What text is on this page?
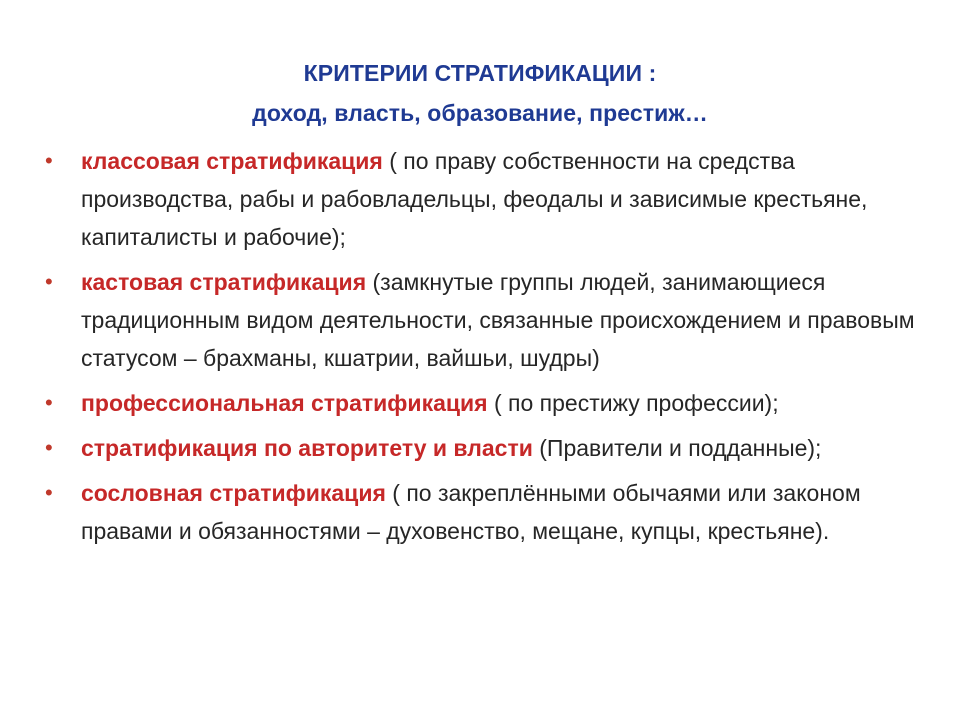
КРИТЕРИИ СТРАТИФИКАЦИИ :
доход, власть, образование, престиж…
• классовая стратификация ( по праву собственности на средства производства, рабы и рабовладельцы, феодалы и зависимые крестьяне, капиталисты и рабочие);
• кастовая стратификация (замкнутые группы людей, занимающиеся традиционным видом деятельности, связанные происхождением и правовым статусом – брахманы, кшатрии, вайшьи, шудры)
• профессиональная стратификация ( по престижу профессии);
• стратификация по авторитету и власти (Правители и подданные);
• сословная стратификация ( по закреплёнными обычаями или законом правами и обязанностями – духовенство, мещане, купцы, крестьяне).
